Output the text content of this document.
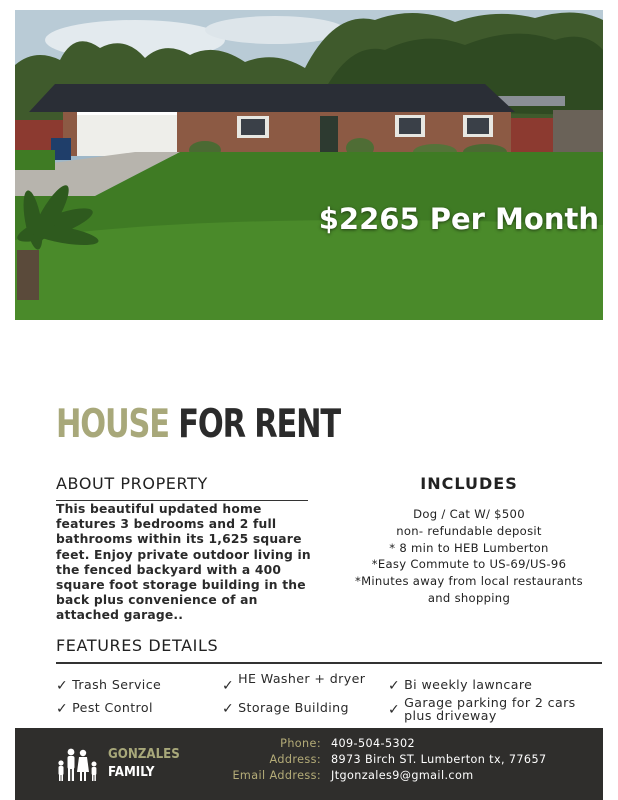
$2265 Per Month
HOUSE FOR RENT
ABOUT PROPERTY
This beautiful updated home features 3 bedrooms and 2 full bathrooms within its 1,625 square feet. Enjoy private outdoor living in the fenced backyard with a 400 square foot storage building in the back plus convenience of an attached garage..
INCLUDES
Dog / Cat W/ $500
non- refundable deposit
* 8 min to HEB Lumberton
*Easy Commute to US-69/US-96
*Minutes away from local restaurants
and shopping
FEATURES DETAILS
✓ Trash Service
✓ Pest Control
✓ HE Washer + dryer
✓ Storage Building
✓ Bi weekly lawncare
✓ Garage parking for 2 cars plus driveway
GONZALES
FAMILY
Phone:
Address:
Email Address:
409-504-5302
8973 Birch ST. Lumberton tx, 77657
Jtgonzales9@gmail.com
